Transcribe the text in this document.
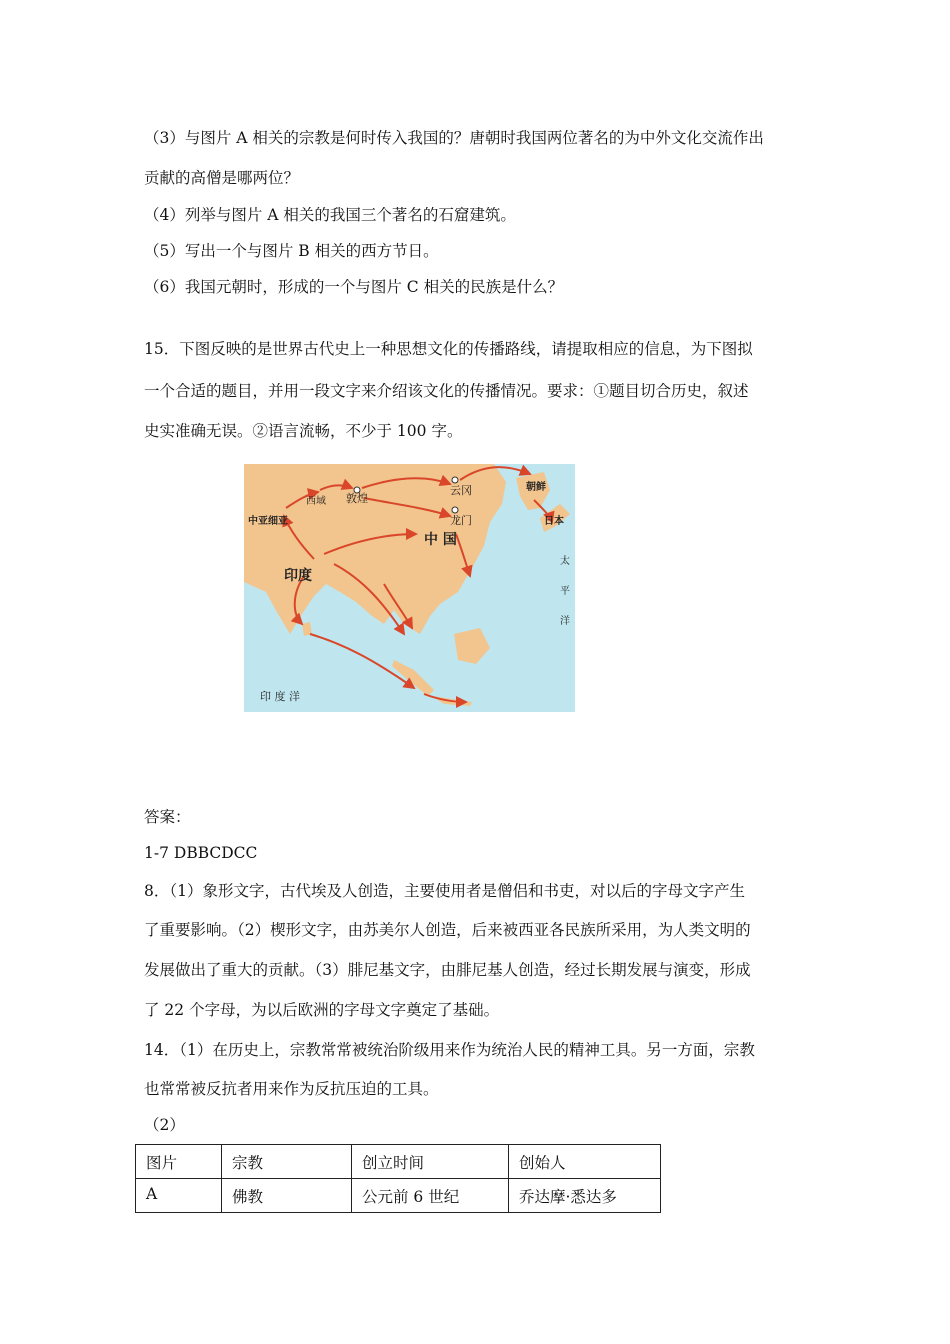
（3）与图片 A 相关的宗教是何时传入我国的？唐朝时我国两位著名的为中外文化交流作出
贡献的高僧是哪两位？
（4）列举与图片 A 相关的我国三个著名的石窟建筑。
（5）写出一个与图片 B 相关的西方节日。
（6）我国元朝时，形成的一个与图片 C 相关的民族是什么？
15．下图反映的是世界古代史上一种思想文化的传播路线，请提取相应的信息，为下图拟
一个合适的题目，并用一段文字来介绍该文化的传播情况。要求：①题目切合历史，叙述
史实准确无误。②语言流畅，不少于 100 字。
中亚细亚
西域 敦煌
云冈
龙门
中 国
印度
朝鲜
日本
印 度 洋
太
平
洋
答案：
1-7 DBBCDCC
8．（1）象形文字，古代埃及人创造，主要使用者是僧侣和书吏，对以后的字母文字产生
了重要影响。（2）楔形文字，由苏美尔人创造，后来被西亚各民族所采用，为人类文明的
发展做出了重大的贡献。（3）腓尼基文字，由腓尼基人创造，经过长期发展与演变，形成
了 22 个字母，为以后欧洲的字母文字奠定了基础。
14．（1）在历史上，宗教常常被统治阶级用来作为统治人民的精神工具。另一方面，宗教
也常常被反抗者用来作为反抗压迫的工具。
（2）
图片	宗教	创立时间	创始人
A	佛教	公元前 6 世纪	乔达摩·悉达多
